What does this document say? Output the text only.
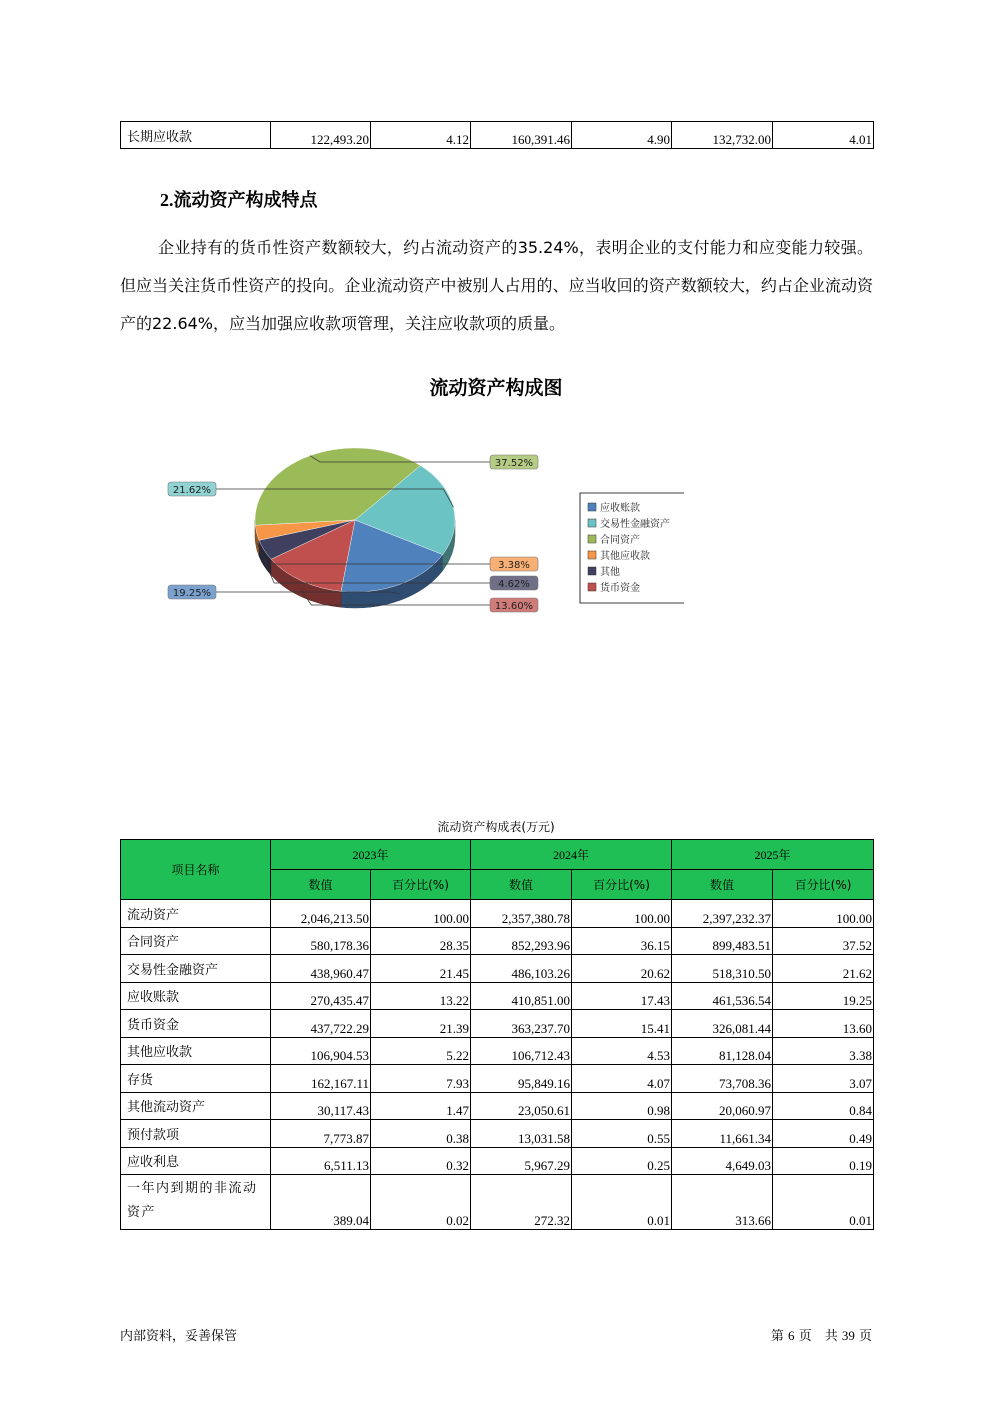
长期应收款	122,493.20	4.12	160,391.46	4.90	132,732.00	4.01
2.流动资产构成特点

企业持有的货币性资产数额较大，约占流动资产的35.24%，表明企业的支付能力和应变能力较强。但应当关注货币性资产的投向。企业流动资产中被别人占用的、应当收回的资产数额较大，约占企业流动资产的22.64%，应当加强应收款项管理，关注应收款项的质量。

流动资产构成图
19.25%
21.62%
37.52%
3.38%
4.62%
13.60%
应收账款
交易性金融资产
合同资产
其他应收款
其他
货币资金
流动资产构成表(万元)
项目名称	2023年		2024年		2025年	
	数值	百分比(%)	数值	百分比(%)	数值	百分比(%)
流动资产	2,046,213.50	100.00	2,357,380.78	100.00	2,397,232.37	100.00
合同资产	580,178.36	28.35	852,293.96	36.15	899,483.51	37.52
交易性金融资产	438,960.47	21.45	486,103.26	20.62	518,310.50	21.62
应收账款	270,435.47	13.22	410,851.00	17.43	461,536.54	19.25
货币资金	437,722.29	21.39	363,237.70	15.41	326,081.44	13.60
其他应收款	106,904.53	5.22	106,712.43	4.53	81,128.04	3.38
存货	162,167.11	7.93	95,849.16	4.07	73,708.36	3.07
其他流动资产	30,117.43	1.47	23,050.61	0.98	20,060.97	0.84
预付款项	7,773.87	0.38	13,031.58	0.55	11,661.34	0.49
应收利息	6,511.13	0.32	5,967.29	0.25	4,649.03	0.19
一年内到期的非流动资产	389.04	0.02	272.32	0.01	313.66	0.01
内部资料，妥善保管	第 6 页　共 39 页
